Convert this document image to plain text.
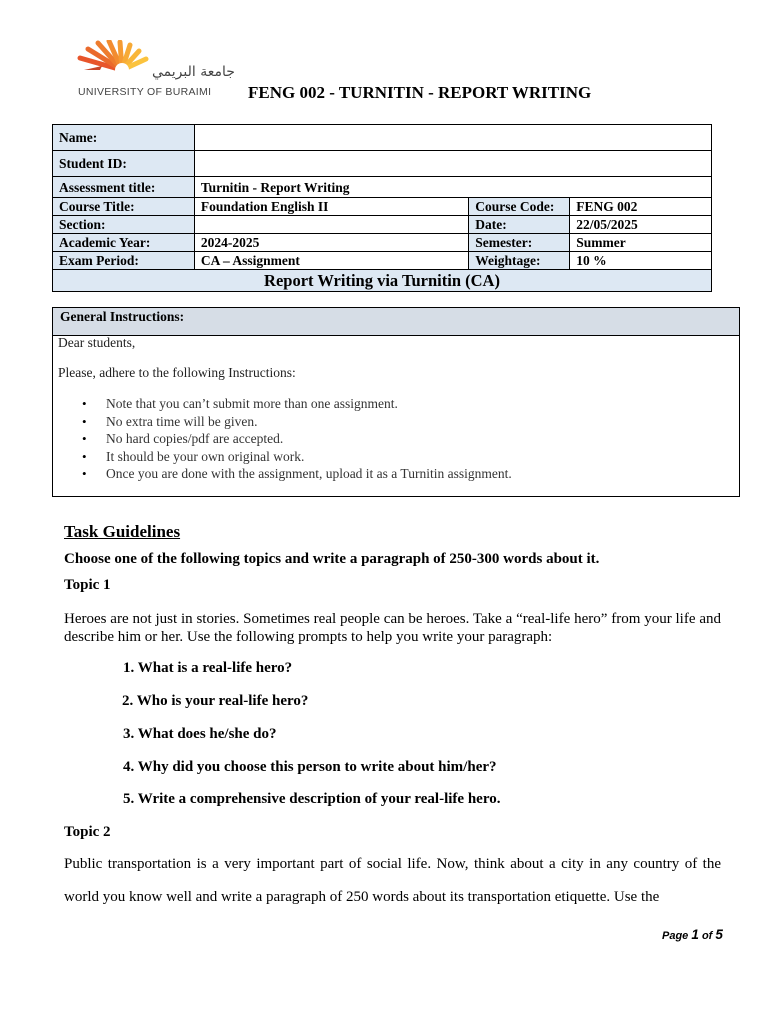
جامعة البريمي
UNIVERSITY OF BURAIMI FENG 002 - TURNITIN - REPORT WRITING
Name:			
Student ID:			
Assessment title:	Turnitin - Report Writing		
Course Title:	Foundation English II	Course Code:	FENG 002
Section:		Date:	22/05/2025
Academic Year:	2024-2025	Semester:	Summer
Exam Period:	CA – Assignment	Weightage:	10 %
Report Writing via Turnitin (CA)			
General Instructions:
Dear students,
Please, adhere to the following Instructions:
• Note that you can’t submit more than one assignment.
• No extra time will be given.
• No hard copies/pdf are accepted.
• It should be your own original work.
• Once you are done with the assignment, upload it as a Turnitin assignment.
Task Guidelines
Choose one of the following topics and write a paragraph of 250-300 words about it.
Topic 1
Heroes are not just in stories. Sometimes real people can be heroes. Take a “real-life hero” from your life and describe him or her. Use the following prompts to help you write your paragraph:
1. What is a real-life hero?
2. Who is your real-life hero?
3. What does he/she do?
4. Why did you choose this person to write about him/her?
5. Write a comprehensive description of your real-life hero.
Topic 2
Public transportation is a very important part of social life. Now, think about a city in any country of the world you know well and write a paragraph of 250 words about its transportation etiquette. Use the
Page 1 of 5
